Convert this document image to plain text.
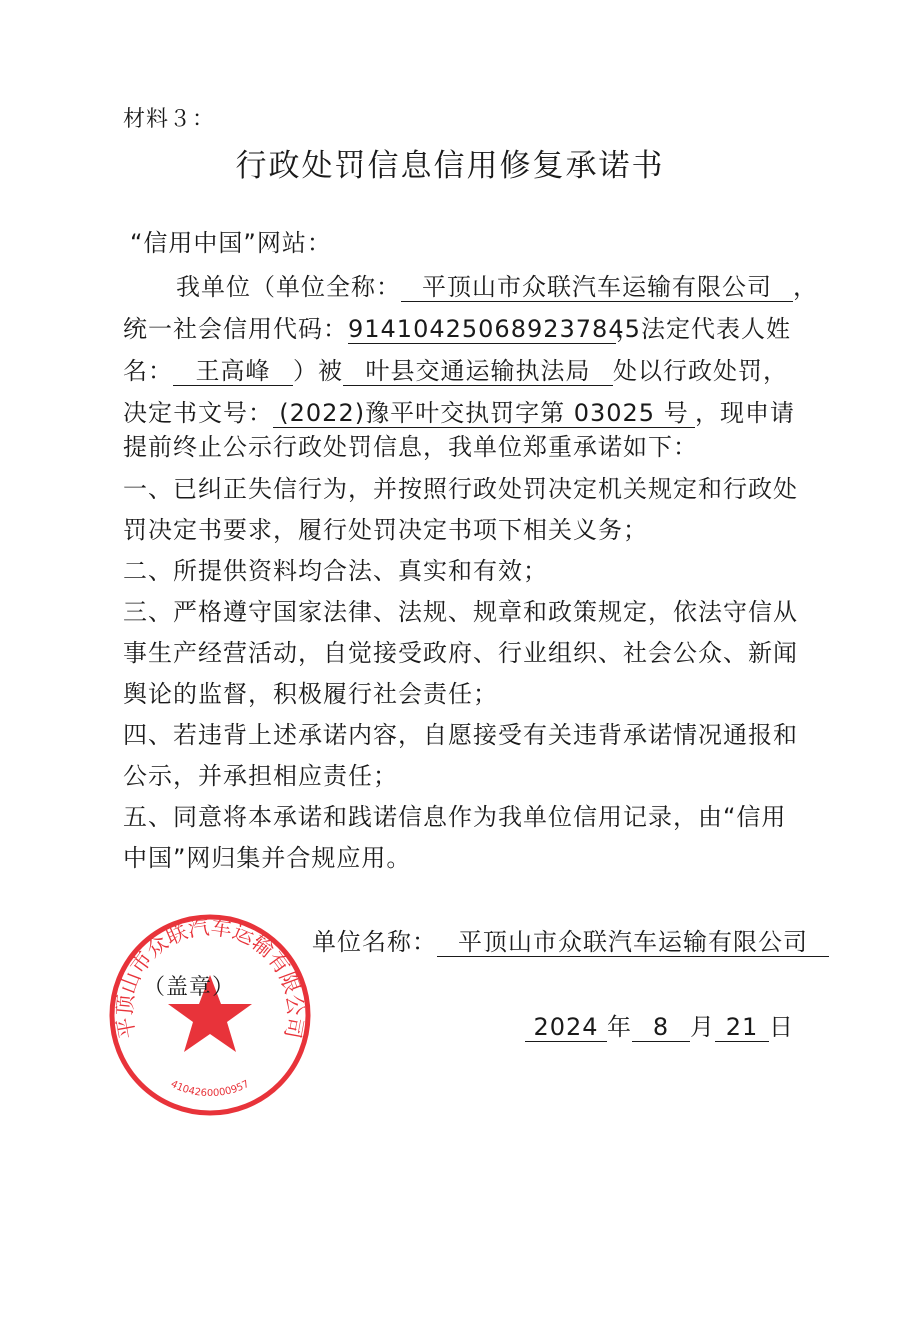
材料３：
行政处罚信息信用修复承诺书
“信用中国”网站：
我单位（单位全称： 平顶山市众联汽车运输有限公司 ，
统一社会信用代码：914104250689237845，法定代表人姓
名： 王高峰 ）被 叶县交通运输执法局 处以行政处罚，
决定书文号： (2022)豫平叶交执罚字第 03025 号 ，现申请
提前终止公示行政处罚信息，我单位郑重承诺如下：
一、已纠正失信行为，并按照行政处罚决定机关规定和行政处
罚决定书要求，履行处罚决定书项下相关义务；
二、所提供资料均合法、真实和有效；
三、严格遵守国家法律、法规、规章和政策规定，依法守信从
事生产经营活动，自觉接受政府、行业组织、社会公众、新闻
舆论的监督，积极履行社会责任；
四、若违背上述承诺内容，自愿接受有关违背承诺情况通报和
公示，并承担相应责任；
五、同意将本承诺和践诺信息作为我单位信用记录，由“信用
中国”网归集并合规应用。
平顶山市众联汽车运输有限公司
4104260000957
（盖章）
单位名称： 平顶山市众联汽车运输有限公司
2024 年 8 月 21 日
